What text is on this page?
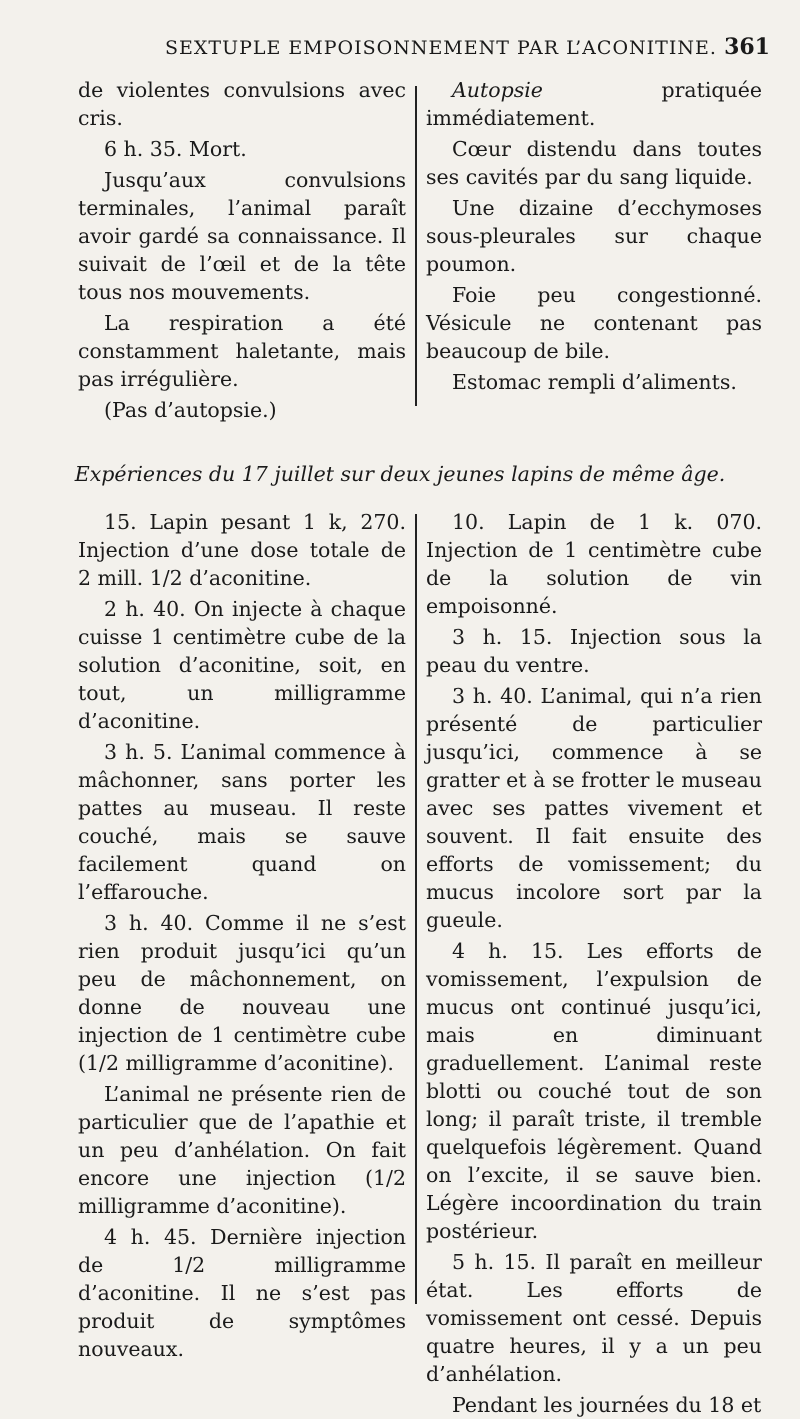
SEXTUPLE EMPOISONNEMENT PAR L’ACONITINE. 361

de violentes convulsions avec cris.

6 h. 35. Mort.

Jusqu’aux convulsions terminales, l’animal paraît avoir gardé sa connaissance. Il suivait de l’œil et de la tête tous nos mouvements.

La respiration a été constamment haletante, mais pas irrégulière.

(Pas d’autopsie.)

Autopsie pratiquée immédiatement.

Cœur distendu dans toutes ses cavités par du sang liquide.

Une dizaine d’ecchymoses sous-pleurales sur chaque poumon.

Foie peu congestionné. Vésicule ne contenant pas beaucoup de bile.

Estomac rempli d’aliments.

Expériences du 17 juillet sur deux jeunes lapins de même âge.

15. Lapin pesant 1 k, 270. Injection d’une dose totale de 2 mill. 1/2 d’aconitine.

2 h. 40. On injecte à chaque cuisse 1 centimètre cube de la solution d’aconitine, soit, en tout, un milligramme d’aconitine.

3 h. 5. L’animal commence à mâchonner, sans porter les pattes au museau. Il reste couché, mais se sauve facilement quand on l’effarouche.

3 h. 40. Comme il ne s’est rien produit jusqu’ici qu’un peu de mâchonnement, on donne de nouveau une injection de 1 centimètre cube (1/2 milligramme d’aconitine).

L’animal ne présente rien de particulier que de l’apathie et un peu d’anhélation. On fait encore une injection (1/2 milligramme d’aconitine).

4 h. 45. Dernière injection de 1/2 milligramme d’aconitine. Il ne s’est pas produit de symptômes nouveaux.

10. Lapin de 1 k. 070. Injection de 1 centimètre cube de la solution de vin empoisonné.

3 h. 15. Injection sous la peau du ventre.

3 h. 40. L’animal, qui n’a rien présenté de particulier jusqu’ici, commence à se gratter et à se frotter le museau avec ses pattes vivement et souvent. Il fait ensuite des efforts de vomissement; du mucus incolore sort par la gueule.

4 h. 15. Les efforts de vomissement, l’expulsion de mucus ont continué jusqu’ici, mais en diminuant graduellement. L’animal reste blotti ou couché tout de son long; il paraît triste, il tremble quelquefois légèrement. Quand on l’excite, il se sauve bien. Légère incoordination du train postérieur.

5 h. 15. Il paraît en meilleur état. Les efforts de vomissement ont cessé. Depuis quatre heures, il y a un peu d’anhélation.

Pendant les journées du 18 et
